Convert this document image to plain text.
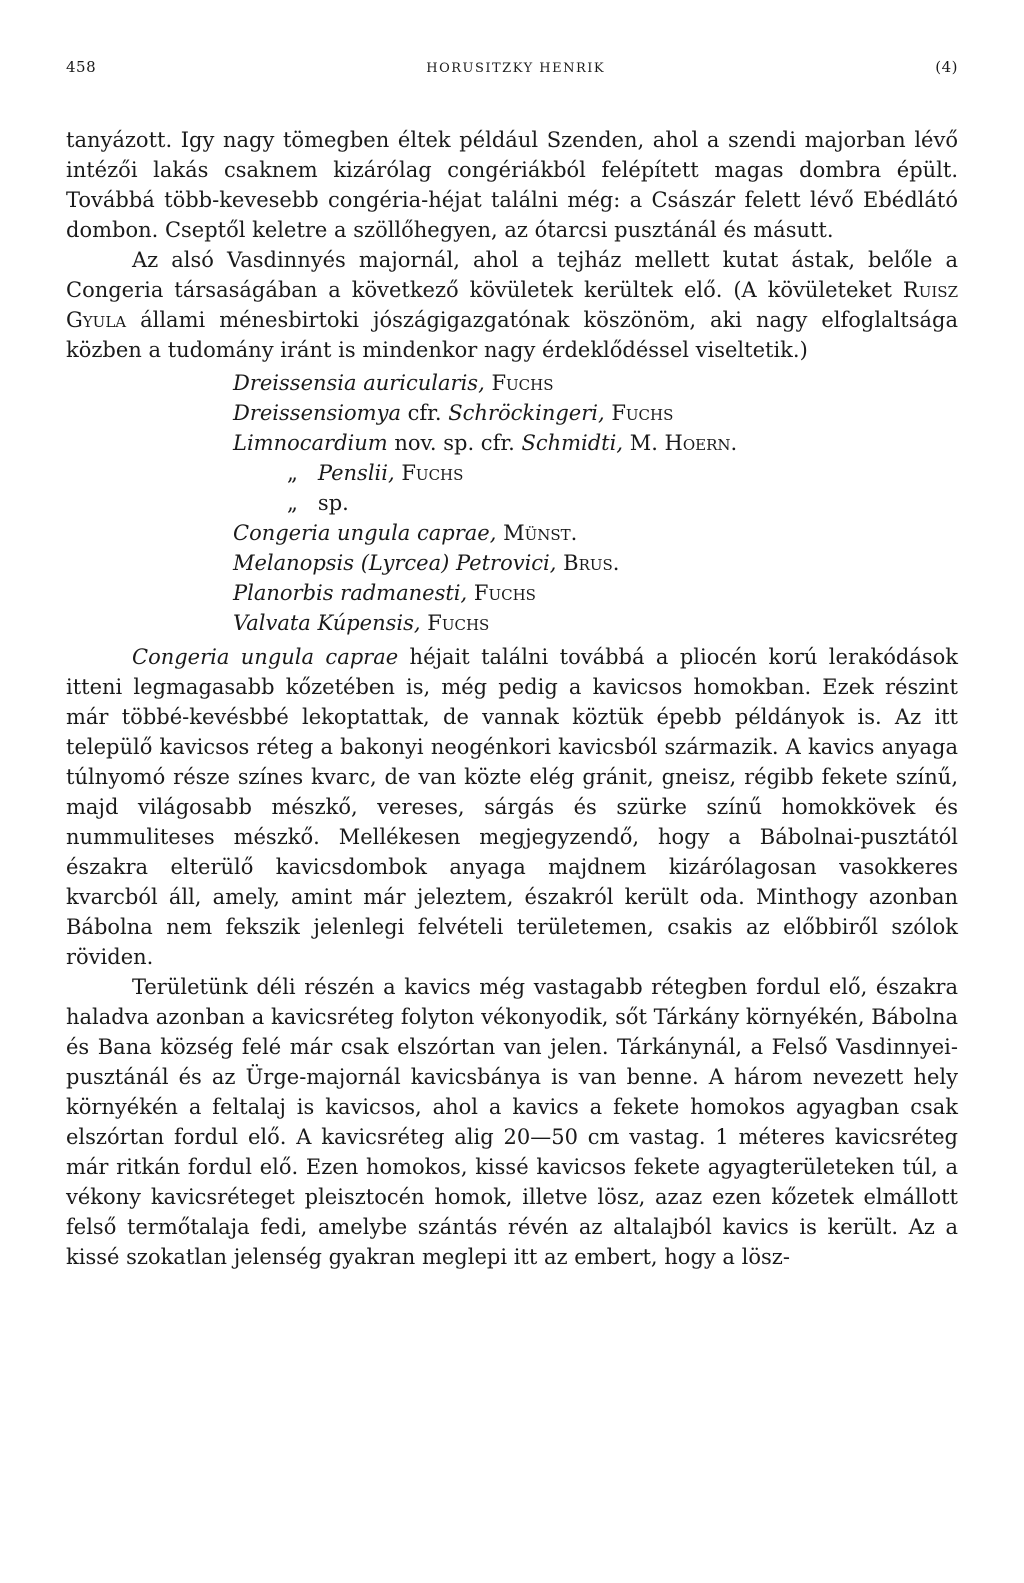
458	HORUSITZKY HENRIK	(4)

tanyázott. Igy nagy tömegben éltek például Szenden, ahol a szendi majorban lévő intézői lakás csaknem kizárólag congériákból felépített magas dombra épült. Továbbá több-kevesebb congéria-héjat találni még: a Császár felett lévő Ebédlátó dombon. Cseptől keletre a szöllőhegyen, az ótarcsi pusztánál és másutt.

Az alsó Vasdinnyés majornál, ahol a tejház mellett kutat ástak, belőle a Congeria társaságában a következő kövületek kerültek elő. (A kövületeket Ruisz Gyula állami ménesbirtoki jószágigazgatónak köszönöm, aki nagy elfoglaltsága közben a tudomány iránt is mindenkor nagy érdeklődéssel viseltetik.)

Dreissensia auricularis, Fuchs
Dreissensiomya cfr. Schröckingeri, Fuchs
Limnocardium nov. sp. cfr. Schmidti, M. Hoern.
„ Penslii, Fuchs
„ sp.
Congeria ungula caprae, Münst.
Melanopsis (Lyrcea) Petrovici, Brus.
Planorbis radmanesti, Fuchs
Valvata Kúpensis, Fuchs

Congeria ungula caprae héjait találni továbbá a pliocén korú lerakódások itteni legmagasabb kőzetében is, még pedig a kavicsos homokban. Ezek részint már többé-kevésbbé lekoptattak, de vannak köztük épebb példányok is. Az itt települő kavicsos réteg a bakonyi neogénkori kavicsból származik. A kavics anyaga túlnyomó része színes kvarc, de van közte elég gránit, gneisz, régibb fekete színű, majd világosabb mészkő, vereses, sárgás és szürke színű homokkövek és nummuliteses mészkő. Mellékesen megjegyzendő, hogy a Bábolnai-pusztától északra elterülő kavicsdombok anyaga majdnem kizárólagosan vasokkeres kvarcból áll, amely, amint már jeleztem, északról került oda. Minthogy azonban Bábolna nem fekszik jelenlegi felvételi területemen, csakis az előbbiről szólok röviden.

Területünk déli részén a kavics még vastagabb rétegben fordul elő, északra haladva azonban a kavicsréteg folyton vékonyodik, sőt Tárkány környékén, Bábolna és Bana község felé már csak elszórtan van jelen. Tárkánynál, a Felső Vasdinnyei-pusztánál és az Ürge-majornál kavicsbánya is van benne. A három nevezett hely környékén a feltalaj is kavicsos, ahol a kavics a fekete homokos agyagban csak elszórtan fordul elő. A kavicsréteg alig 20—50 cm vastag. 1 méteres kavicsréteg már ritkán fordul elő. Ezen homokos, kissé kavicsos fekete agyagterületeken túl, a vékony kavicsréteget pleisztocén homok, illetve lösz, azaz ezen kőzetek elmállott felső termőtalaja fedi, amelybe szántás révén az altalajból kavics is került. Az a kissé szokatlan jelenség gyakran meglepi itt az embert, hogy a lösz-
